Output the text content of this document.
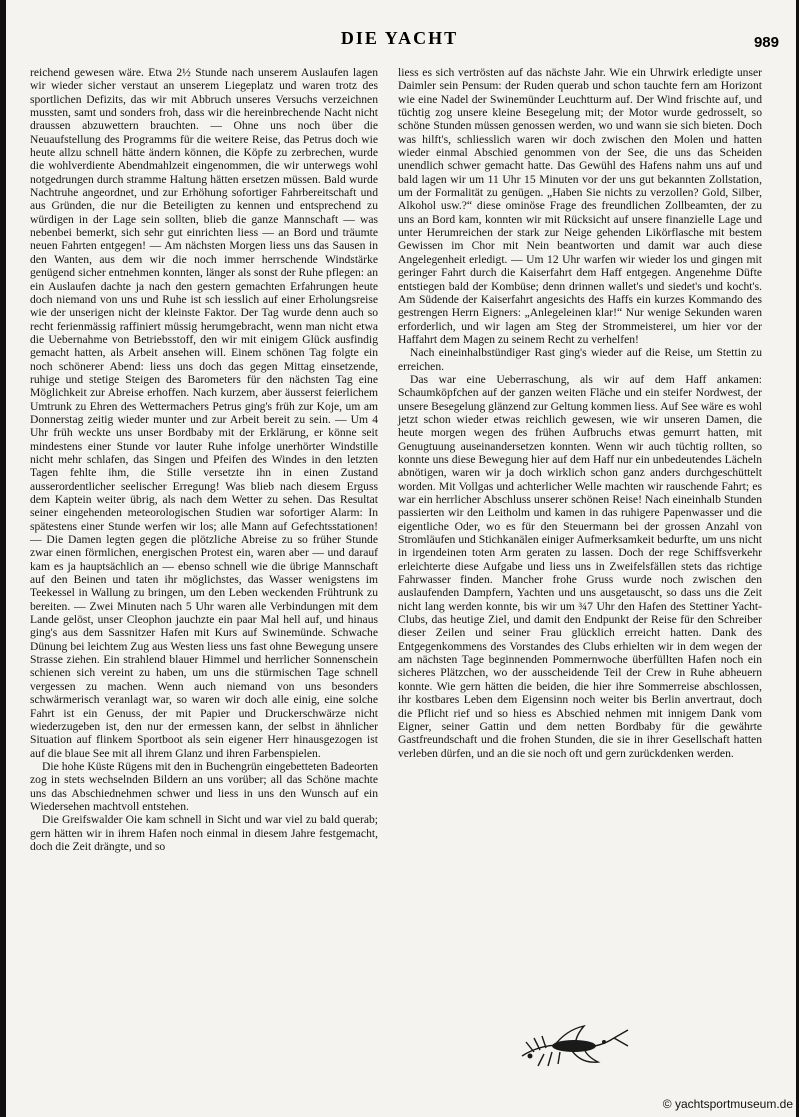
DIE YACHT	989

reichend gewesen wäre. Etwa 2½ Stunde nach unserem Auslaufen lagen wir wieder sicher verstaut an unserem Liegeplatz und waren trotz des sportlichen Defizits, das wir mit Abbruch unseres Versuchs verzeichnen mussten, samt und sonders froh, dass wir die hereinbrechende Nacht nicht draussen abzuwettern brauchten. — Ohne uns noch über die Neuaufstellung des Programms für die weitere Reise, das Petrus doch wie heute allzu schnell hätte ändern können, die Köpfe zu zerbrechen, wurde die wohlverdiente Abendmahlzeit eingenommen, die wir unterwegs wohl notgedrungen durch stramme Haltung hätten ersetzen müssen. Bald wurde Nachtruhe angeordnet, und zur Erhöhung sofortiger Fahrbereitschaft und aus Gründen, die nur die Beteiligten zu kennen und entsprechend zu würdigen in der Lage sein sollten, blieb die ganze Mannschaft — was nebenbei bemerkt, sich sehr gut einrichten liess — an Bord und träumte neuen Fahrten entgegen! — Am nächsten Morgen liess uns das Sausen in den Wanten, aus dem wir die noch immer herrschende Windstärke genügend sicher entnehmen konnten, länger als sonst der Ruhe pflegen: an ein Auslaufen dachte ja nach den gestern gemachten Erfahrungen heute doch niemand von uns und Ruhe ist sch iesslich auf einer Erholungsreise wie der unserigen nicht der kleinste Faktor. Der Tag wurde denn auch so recht ferienmässig raffiniert müssig herumgebracht, wenn man nicht etwa die Uebernahme von Betriebsstoff, den wir mit einigem Glück ausfindig gemacht hatten, als Arbeit ansehen will. Einem schönen Tag folgte ein noch schönerer Abend: liess uns doch das gegen Mittag einsetzende, ruhige und stetige Steigen des Barometers für den nächsten Tag eine Möglichkeit zur Abreise erhoffen. Nach kurzem, aber äusserst feierlichem Umtrunk zu Ehren des Wettermachers Petrus ging's früh zur Koje, um am Donnerstag zeitig wieder munter und zur Arbeit bereit zu sein. — Um 4 Uhr früh weckte uns unser Bordbaby mit der Erklärung, er könne seit mindestens einer Stunde vor lauter Ruhe infolge unerhörter Windstille nicht mehr schlafen, das Singen und Pfeifen des Windes in den letzten Tagen fehlte ihm, die Stille versetzte ihn in einen Zustand ausserordentlicher seelischer Erregung! Was blieb nach diesem Erguss dem Kaptein weiter übrig, als nach dem Wetter zu sehen. Das Resultat seiner eingehenden meteorologischen Studien war sofortiger Alarm: In spätestens einer Stunde werfen wir los; alle Mann auf Gefechtsstationen! — Die Damen legten gegen die plötzliche Abreise zu so früher Stunde zwar einen förmlichen, energischen Protest ein, waren aber — und darauf kam es ja hauptsächlich an — ebenso schnell wie die übrige Mannschaft auf den Beinen und taten ihr möglichstes, das Wasser wenigstens im Teekessel in Wallung zu bringen, um den Leben weckenden Frühtrunk zu bereiten. — Zwei Minuten nach 5 Uhr waren alle Verbindungen mit dem Lande gelöst, unser Cleophon jauchzte ein paar Mal hell auf, und hinaus ging's aus dem Sassnitzer Hafen mit Kurs auf Swinemünde. Schwache Dünung bei leichtem Zug aus Westen liess uns fast ohne Bewegung unsere Strasse ziehen. Ein strahlend blauer Himmel und herrlicher Sonnenschein schienen sich vereint zu haben, um uns die stürmischen Tage schnell vergessen zu machen. Wenn auch niemand von uns besonders schwärmerisch veranlagt war, so waren wir doch alle einig, eine solche Fahrt ist ein Genuss, der mit Papier und Druckerschwärze nicht wiederzugeben ist, den nur der ermessen kann, der selbst in ähnlicher Situation auf flinkem Sportboot als sein eigener Herr hinausgezogen ist auf die blaue See mit all ihrem Glanz und ihren Farbenspielen.

Die hohe Küste Rügens mit den in Buchengrün eingebetteten Badeorten zog in stets wechselnden Bildern an uns vorüber; all das Schöne machte uns das Abschiednehmen schwer und liess in uns den Wunsch auf ein Wiedersehen machtvoll entstehen.

Die Greifswalder Oie kam schnell in Sicht und war viel zu bald querab; gern hätten wir in ihrem Hafen noch einmal in diesem Jahre festgemacht, doch die Zeit drängte, und so

liess es sich vertrösten auf das nächste Jahr. Wie ein Uhrwirk erledigte unser Daimler sein Pensum: der Ruden querab und schon tauchte fern am Horizont wie eine Nadel der Swinemünder Leuchtturm auf. Der Wind frischte auf, und tüchtig zog unsere kleine Besegelung mit; der Motor wurde gedrosselt, so schöne Stunden müssen genossen werden, wo und wann sie sich bieten. Doch was hilft's, schliesslich waren wir doch zwischen den Molen und hatten wieder einmal Abschied genommen von der See, die uns das Scheiden unendlich schwer gemacht hatte. Das Gewühl des Hafens nahm uns auf und bald lagen wir um 11 Uhr 15 Minuten vor der uns gut bekannten Zollstation, um der Formalität zu genügen. „Haben Sie nichts zu verzollen? Gold, Silber, Alkohol usw.?“ diese ominöse Frage des freundlichen Zollbeamten, der zu uns an Bord kam, konnten wir mit Rücksicht auf unsere finanzielle Lage und unter Herumreichen der stark zur Neige gehenden Likörflasche mit bestem Gewissen im Chor mit Nein beantworten und damit war auch diese Angelegenheit erledigt. — Um 12 Uhr warfen wir wieder los und gingen mit geringer Fahrt durch die Kaiserfahrt dem Haff entgegen. Angenehme Düfte entstiegen bald der Kombüse; denn drinnen wallet's und siedet's und kocht's. Am Südende der Kaiserfahrt angesichts des Haffs ein kurzes Kommando des gestrengen Herrn Eigners: „Anlegeleinen klar!“ Nur wenige Sekunden waren erforderlich, und wir lagen am Steg der Strommeisterei, um hier vor der Haffahrt dem Magen zu seinem Recht zu verhelfen!

Nach eineinhalbstündiger Rast ging's wieder auf die Reise, um Stettin zu erreichen.

Das war eine Ueberraschung, als wir auf dem Haff ankamen: Schaumköpfchen auf der ganzen weiten Fläche und ein steifer Nordwest, der unsere Besegelung glänzend zur Geltung kommen liess. Auf See wäre es wohl jetzt schon wieder etwas reichlich gewesen, wie wir unseren Damen, die heute morgen wegen des frühen Aufbruchs etwas gemurrt hatten, mit Genugtuung auseinandersetzen konnten. Wenn wir auch tüchtig rollten, so konnte uns diese Bewegung hier auf dem Haff nur ein unbedeutendes Lächeln abnötigen, waren wir ja doch wirklich schon ganz anders durchgeschüttelt worden. Mit Vollgas und achterlicher Welle machten wir rauschende Fahrt; es war ein herrlicher Abschluss unserer schönen Reise! Nach eineinhalb Stunden passierten wir den Leitholm und kamen in das ruhigere Papenwasser und die eigentliche Oder, wo es für den Steuermann bei der grossen Anzahl von Stromläufen und Stichkanälen einiger Aufmerksamkeit bedurfte, um uns nicht in irgendeinen toten Arm geraten zu lassen. Doch der rege Schiffsverkehr erleichterte diese Aufgabe und liess uns in Zweifelsfällen stets das richtige Fahrwasser finden. Mancher frohe Gruss wurde noch zwischen den auslaufenden Dampfern, Yachten und uns ausgetauscht, so dass uns die Zeit nicht lang werden konnte, bis wir um ¾7 Uhr den Hafen des Stettiner Yacht-Clubs, das heutige Ziel, und damit den Endpunkt der Reise für den Schreiber dieser Zeilen und seiner Frau glücklich erreicht hatten. Dank des Entgegenkommens des Vorstandes des Clubs erhielten wir in dem wegen der am nächsten Tage beginnenden Pommernwoche überfüllten Hafen noch ein sicheres Plätzchen, wo der ausscheidende Teil der Crew in Ruhe abheuern konnte. Wie gern hätten die beiden, die hier ihre Sommerreise abschlossen, ihr kostbares Leben dem Eigensinn noch weiter bis Berlin anvertraut, doch die Pflicht rief und so hiess es Abschied nehmen mit innigem Dank vom Eigner, seiner Gattin und dem netten Bordbaby für die gewährte Gastfreundschaft und die frohen Stunden, die sie in ihrer Gesellschaft hatten verleben dürfen, und an die sie noch oft und gern zurückdenken werden.

© yachtsportmuseum.de
